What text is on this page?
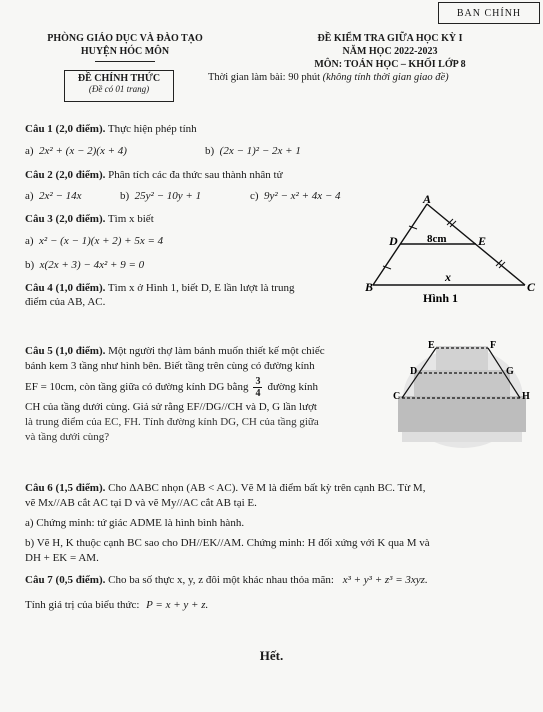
BAN CHÍNH
PHÒNG GIÁO DỤC VÀ ĐÀO TẠO
HUYỆN HÓC MÔN
ĐỀ KIỂM TRA GIỮA HỌC KỲ I
NĂM HỌC 2022-2023
MÔN: TOÁN HỌC – KHỐI LỚP 8
ĐỀ CHÍNH THỨC
(Đề có 01 trang)
Thời gian làm bài: 90 phút (không tính thời gian giao đề)
Câu 1 (2,0 điểm). Thực hiện phép tính
a) 2x² + (x − 2)(x + 4)	b) (2x − 1)² − 2x + 1
Câu 2 (2,0 điểm). Phân tích các đa thức sau thành nhân tử
a) 2x² − 14x	b) 25y² − 10y + 1	c) 9y² − x² + 4x − 4
Câu 3 (2,0 điểm). Tìm x biết
a) x² − (x − 1)(x + 2) + 5x = 4
b) x(2x + 3) − 4x² + 9 = 0
Câu 4 (1,0 điểm). Tìm x ở Hình 1, biết D, E lần lượt là trung
điểm của AB, AC.
A
D	E
B	C
8cm
x
Hình 1
Câu 5 (1,0 điểm). Một người thợ làm bánh muốn thiết kế một chiếc
bánh kem 3 tầng như hình bên. Biết tầng trên cùng có đường kính
EF = 10cm, còn tầng giữa có đường kính DG bằng $\frac{3}{4}$ đường kính
CH của tầng dưới cùng. Giả sử rằng EF//DG//CH và D, G lần lượt
là trung điểm của EC, FH. Tính đường kính DG, CH của tầng giữa
và tầng dưới cùng?
E	F
D	G
C	H
Câu 6 (1,5 điểm). Cho ΔABC nhọn (AB < AC). Vẽ M là điểm bất kỳ trên cạnh BC. Từ M,
vẽ Mx//AB cắt AC tại D và vẽ My//AC cắt AB tại E.
a) Chứng minh: tứ giác ADME là hình bình hành.
b) Vẽ H, K thuộc cạnh BC sao cho DH//EK//AM. Chứng minh: H đối xứng với K qua M và
DH + EK = AM.
Câu 7 (0,5 điểm). Cho ba số thực x, y, z đôi một khác nhau thỏa mãn: x³ + y³ + z³ = 3xyz.
Tính giá trị của biểu thức: P = x + y + z.
Hết.
